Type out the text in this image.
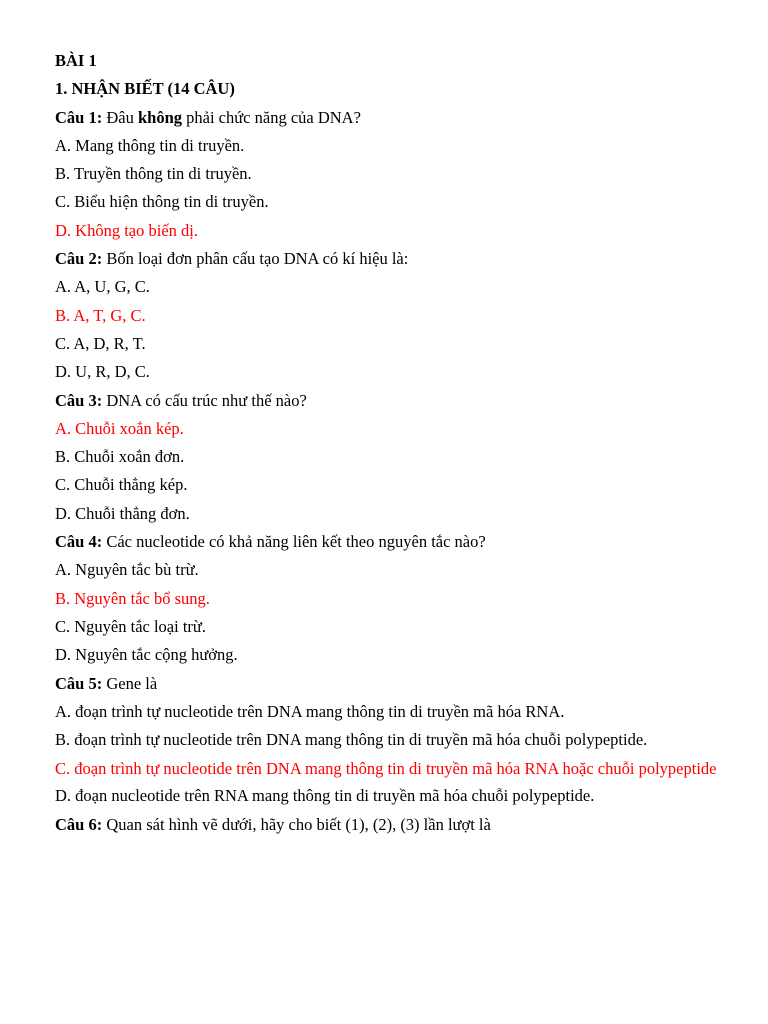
BÀI 1
1. NHẬN BIẾT (14 CÂU)
Câu 1: Đâu không phải chức năng của DNA?
A. Mang thông tin di truyền.
B. Truyền thông tin di truyền.
C. Biểu hiện thông tin di truyền.
D. Không tạo biến dị.
Câu 2: Bốn loại đơn phân cấu tạo DNA có kí hiệu là:
A. A, U, G, C.
B. A, T, G, C.
C. A, D, R, T.
D. U, R, D, C.
Câu 3: DNA có cấu trúc như thế nào?
A. Chuỗi xoắn kép.
B. Chuỗi xoắn đơn.
C. Chuỗi thẳng kép.
D. Chuỗi thẳng đơn.
Câu 4: Các nucleotide có khả năng liên kết theo nguyên tắc nào?
A. Nguyên tắc bù trừ.
B. Nguyên tắc bổ sung.
C. Nguyên tắc loại trừ.
D. Nguyên tắc cộng hưởng.
Câu 5: Gene là
A. đoạn trình tự nucleotide trên DNA mang thông tin di truyền mã hóa RNA.
B. đoạn trình tự nucleotide trên DNA mang thông tin di truyền mã hóa chuỗi polypeptide.
C. đoạn trình tự nucleotide trên DNA mang thông tin di truyền mã hóa RNA hoặc chuỗi polypeptide
D. đoạn nucleotide trên RNA mang thông tin di truyền mã hóa chuỗi polypeptide.
Câu 6: Quan sát hình vẽ dưới, hãy cho biết (1), (2), (3) lần lượt là
